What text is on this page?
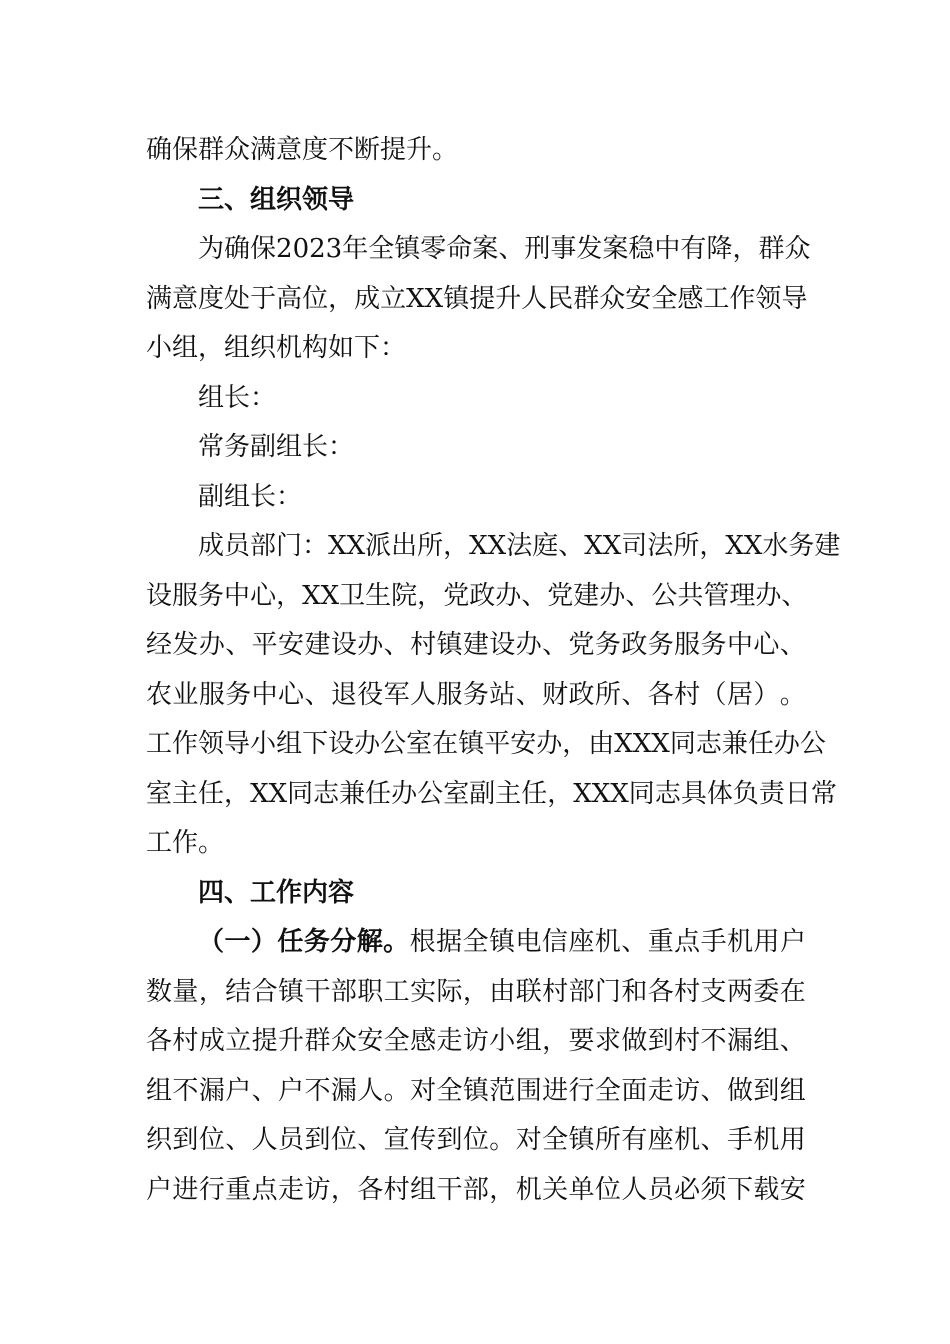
确保群众满意度不断提升。
三、组织领导
为 确 保 2023 年 全 镇 零 命 案 、 刑 事 发 案 稳 中 有 降 ， 群 众
满 意 度 处 于 高 位 ， 成 立 XX 镇 提 升 人 民 群 众 安 全 感 工 作 领 导
小组，组织机构如下：
组长：
常务副组长：
副组长：
成 员 部 门 ： XX 派 出 所 ， XX 法 庭 、 XX 司 法 所 ， XX 水 务 建
设 服 务 中 心 ， XX 卫 生 院 ， 党 政 办 、 党 建 办 、 公 共 管 理 办 、
经 发 办 、 平 安 建 设 办 、 村 镇 建 设 办 、 党 务 政 务 服 务 中 心 、
农 业 服 务 中 心 、 退 役 军 人 服 务 站 、 财 政 所 、 各 村 （ 居 ） 。
工 作 领 导 小 组 下 设 办 公 室 在 镇 平 安 办 ， 由 XXX 同 志 兼 任 办 公
室 主 任 ， XX 同 志 兼 任 办 公 室 副 主 任 ， XXX 同 志 具 体 负 责 日 常
工作。
四、工作内容
（ 一 ） 任 务 分 解 。 根 据 全 镇 电 信 座 机 、 重 点 手 机 用 户
数 量 ， 结 合 镇 干 部 职 工 实 际 ， 由 联 村 部 门 和 各 村 支 两 委 在
各 村 成 立 提 升 群 众 安 全 感 走 访 小 组 ， 要 求 做 到 村 不 漏 组 、
组 不 漏 户 、 户 不 漏 人 。 对 全 镇 范 围 进 行 全 面 走 访 、 做 到 组
织 到 位 、 人 员 到 位 、 宣 传 到 位 。 对 全 镇 所 有 座 机 、 手 机 用
户 进 行 重 点 走 访 ， 各 村 组 干 部 ， 机 关 单 位 人 员 必 须 下 载 安
